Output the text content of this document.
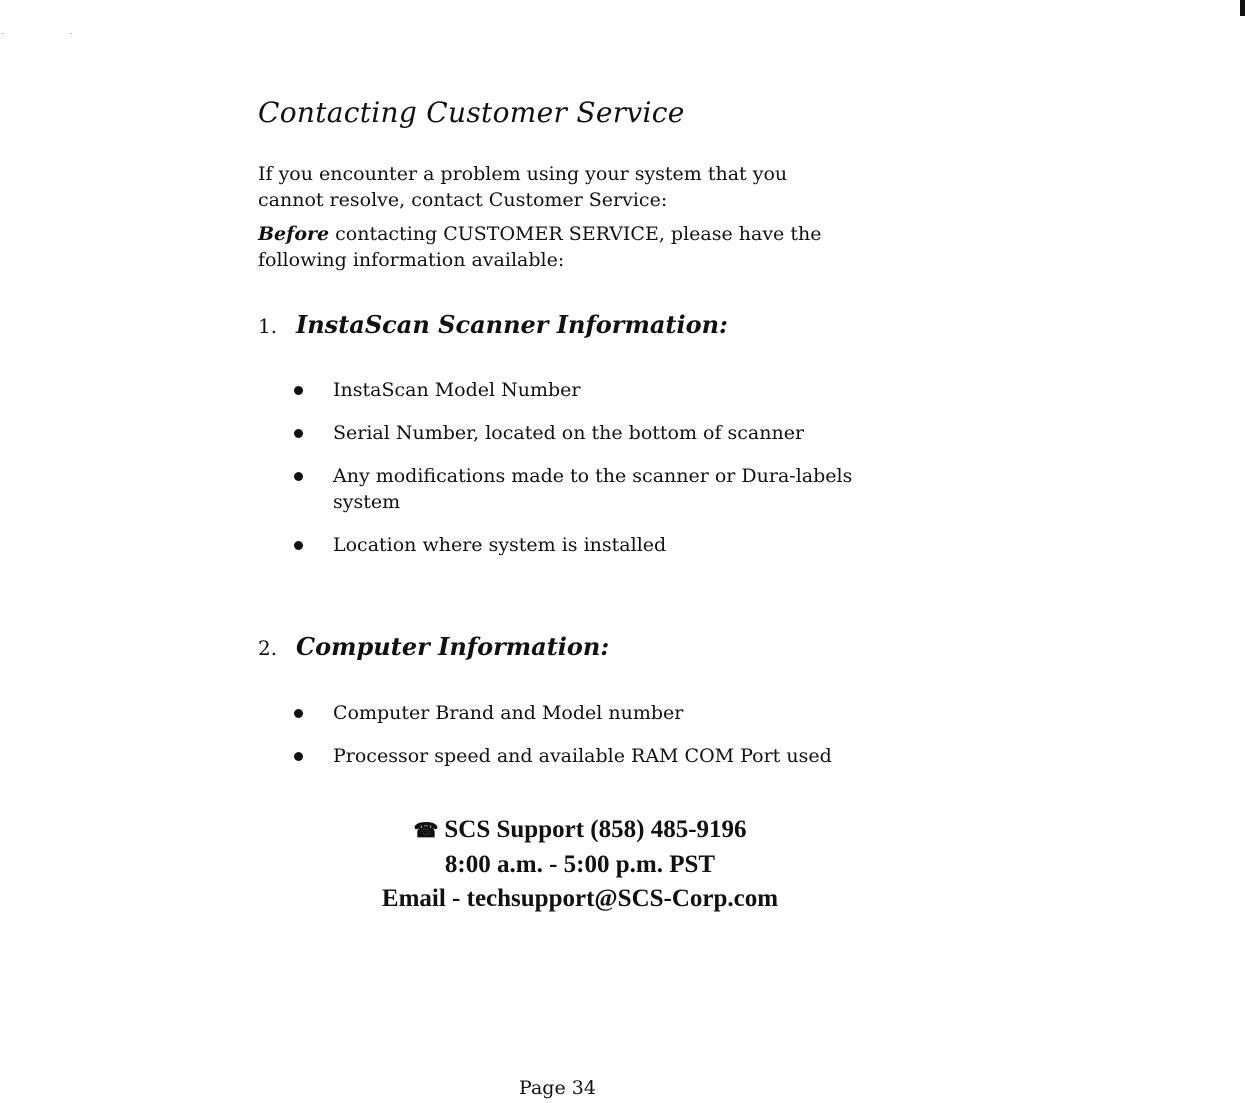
Contacting Customer Service

If you encounter a problem using your system that you cannot resolve, contact Customer Service:

Before contacting CUSTOMER SERVICE, please have the following information available:

1. InstaScan Scanner Information:
InstaScan Model Number
Serial Number, located on the bottom of scanner
Any modifications made to the scanner or Dura-labels system
Location where system is installed
2. Computer Information:
Computer Brand and Model number
Processor speed and available RAM COM Port used
☎ SCS Support (858) 485-9196
8:00 a.m. - 5:00 p.m. PST
Email - techsupport@SCS-Corp.com
Page 34
